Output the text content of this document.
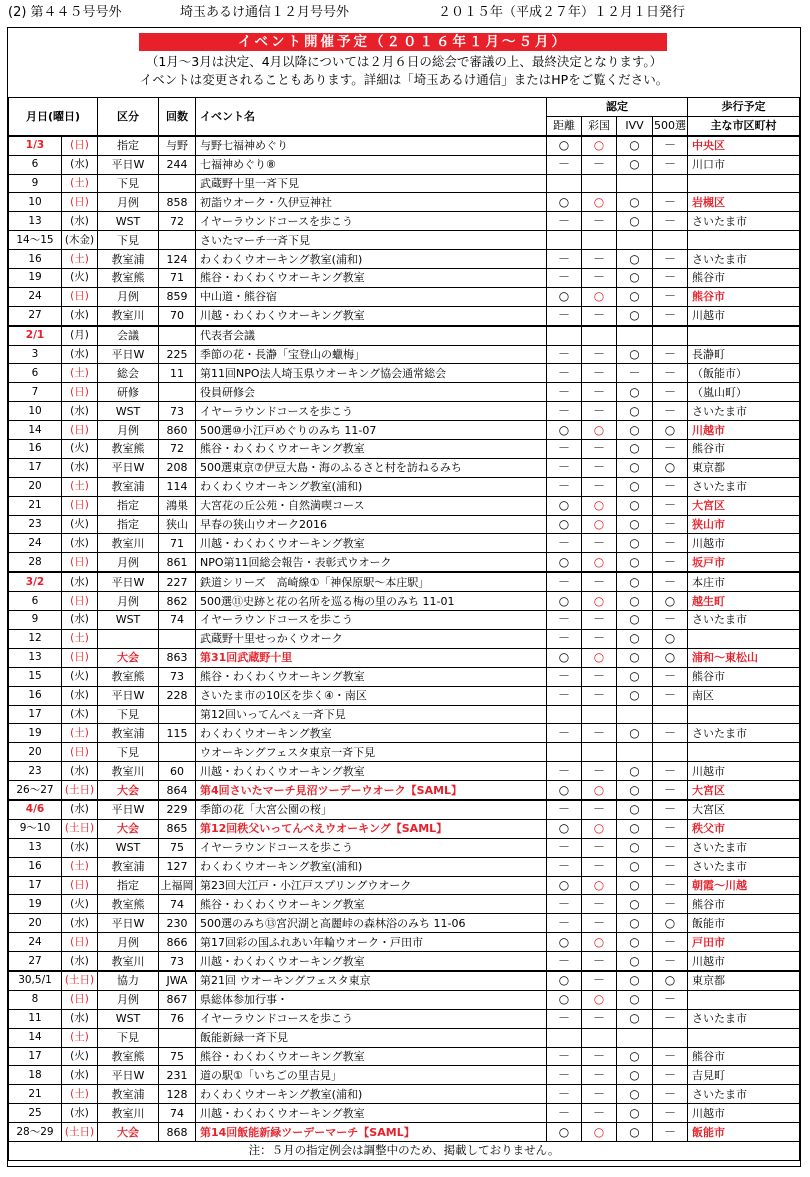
(2) 第４４５号号外	埼玉あるけ通信１２月号号外	２０１５年（平成２７年）１２月１日発行
イベント開催予定（２０１６年１月～５月）
（1月～3月は決定、4月以降については２月６日の総会で審議の上、最終決定となります。）
イベントは変更されることもあります。詳細は「埼玉あるけ通信」またはHPをご覧ください。
月日(曜日)		区分	回数	イベント名	認定				歩行予定
					距離	彩国	IVV	500選	主な市区町村
1/3	(日)	指定	与野	与野七福神めぐり	○	○	○	－	中央区
6	(水)	平日W	244	七福神めぐり⑧	－	－	○	－	川口市
9	(土)	下見		武蔵野十里一斉下見					
10	(日)	月例	858	初詣ウオーク・久伊豆神社	○	○	○	－	岩槻区
13	(水)	WST	72	イヤーラウンドコースを歩こう	－	－	○	－	さいたま市
14～15	(木金)	下見		さいたマーチ一斉下見					
16	(土)	教室浦	124	わくわくウオーキング教室(浦和)	－	－	○	－	さいたま市
19	(火)	教室熊	71	熊谷・わくわくウオーキング教室	－	－	○	－	熊谷市
24	(日)	月例	859	中山道・熊谷宿	○	○	○	－	熊谷市
27	(水)	教室川	70	川越・わくわくウオーキング教室	－	－	○	－	川越市
2/1	(月)	会議		代表者会議					
3	(水)	平日W	225	季節の花・長瀞「宝登山の蠟梅」	－	－	○	－	長瀞町
6	(土)	総会	11	第11回NPO法人埼玉県ウオーキング協会通常総会	－	－	－	－	（飯能市）
7	(日)	研修		役員研修会	－	－	○	－	（嵐山町）
10	(水)	WST	73	イヤーラウンドコースを歩こう	－	－	○	－	さいたま市
14	(日)	月例	860	500選⑩小江戸めぐりのみち 11-07	○	○	○	○	川越市
16	(火)	教室熊	72	熊谷・わくわくウオーキング教室	－	－	○	－	熊谷市
17	(水)	平日W	208	500選東京⑦伊豆大島・海のふるさと村を訪ねるみち	－	－	○	○	東京都
20	(土)	教室浦	114	わくわくウオーキング教室(浦和)	－	－	○	－	さいたま市
21	(日)	指定	鴻巣	大宮花の丘公苑・自然満喫コース	○	○	○	－	大宮区
23	(火)	指定	狭山	早春の狭山ウオーク2016	○	○	○	－	狭山市
24	(水)	教室川	71	川越・わくわくウオーキング教室	－	－	○	－	川越市
28	(日)	月例	861	NPO第11回総会報告・表彰式ウオーク	○	○	○	－	坂戸市
3/2	(水)	平日W	227	鉄道シリーズ　高崎線①「神保原駅～本庄駅」	－	－	○	－	本庄市
6	(日)	月例	862	500選⑪史跡と花の名所を巡る梅の里のみち 11-01	○	○	○	○	越生町
9	(水)	WST	74	イヤーラウンドコースを歩こう	－	－	○	－	さいたま市
12	(土)			武蔵野十里せっかくウオーク	－	－	○	○	
13	(日)	大会	863	第31回武蔵野十里	○	○	○	○	浦和～東松山
15	(火)	教室熊	73	熊谷・わくわくウオーキング教室	－	－	○	－	熊谷市
16	(水)	平日W	228	さいたま市の10区を歩く④・南区	－	－	○	－	南区
17	(木)	下見		第12回いってんべぇ一斉下見					
19	(土)	教室浦	115	わくわくウオーキング教室	－	－	○	－	さいたま市
20	(日)	下見		ウオーキングフェスタ東京一斉下見					
23	(水)	教室川	60	川越・わくわくウオーキング教室	－	－	○	－	川越市
26～27	(土日)	大会	864	第4回さいたマーチ見沼ツーデーウオーク【SAML】	○	○	○	－	大宮区
4/6	(水)	平日W	229	季節の花「大宮公園の桜」	－	－	○	－	大宮区
9～10	(土日)	大会	865	第12回秩父いってんべえウオーキング【SAML】	○	○	○	－	秩父市
13	(水)	WST	75	イヤーラウンドコースを歩こう	－	－	○	－	さいたま市
16	(土)	教室浦	127	わくわくウオーキング教室(浦和)	－	－	○	－	さいたま市
17	(日)	指定	上福岡	第23回大江戸・小江戸スプリングウオーク	○	○	○	－	朝霞～川越
19	(火)	教室熊	74	熊谷・わくわくウオーキング教室	－	－	○	－	熊谷市
20	(水)	平日W	230	500選のみち⑬宮沢湖と高麗峠の森林浴のみち 11-06	－	－	○	○	飯能市
24	(日)	月例	866	第17回彩の国ふれあい年輪ウオーク・戸田市	○	○	○	－	戸田市
27	(水)	教室川	73	川越・わくわくウオーキング教室	－	－	○	－	川越市
30,5/1	(土日)	協力	JWA	第21回 ウオーキングフェスタ東京	○	－	○	○	東京都
8	(日)	月例	867	県総体参加行事・	○	○	○	－	
11	(水)	WST	76	イヤーラウンドコースを歩こう	－	－	○	－	さいたま市
14	(土)	下見		飯能新緑一斉下見					
17	(火)	教室熊	75	熊谷・わくわくウオーキング教室	－	－	○	－	熊谷市
18	(水)	平日W	231	道の駅①「いちごの里吉見」	－	－	○	－	吉見町
21	(土)	教室浦	128	わくわくウオーキング教室(浦和)	－	－	○	－	さいたま市
25	(水)	教室川	74	川越・わくわくウオーキング教室	－	－	○	－	川越市
28～29	(土日)	大会	868	第14回飯能新緑ツーデーマーチ【SAML】	○	○	○	－	飯能市
注：５月の指定例会は調整中のため、掲載しておりません。									
